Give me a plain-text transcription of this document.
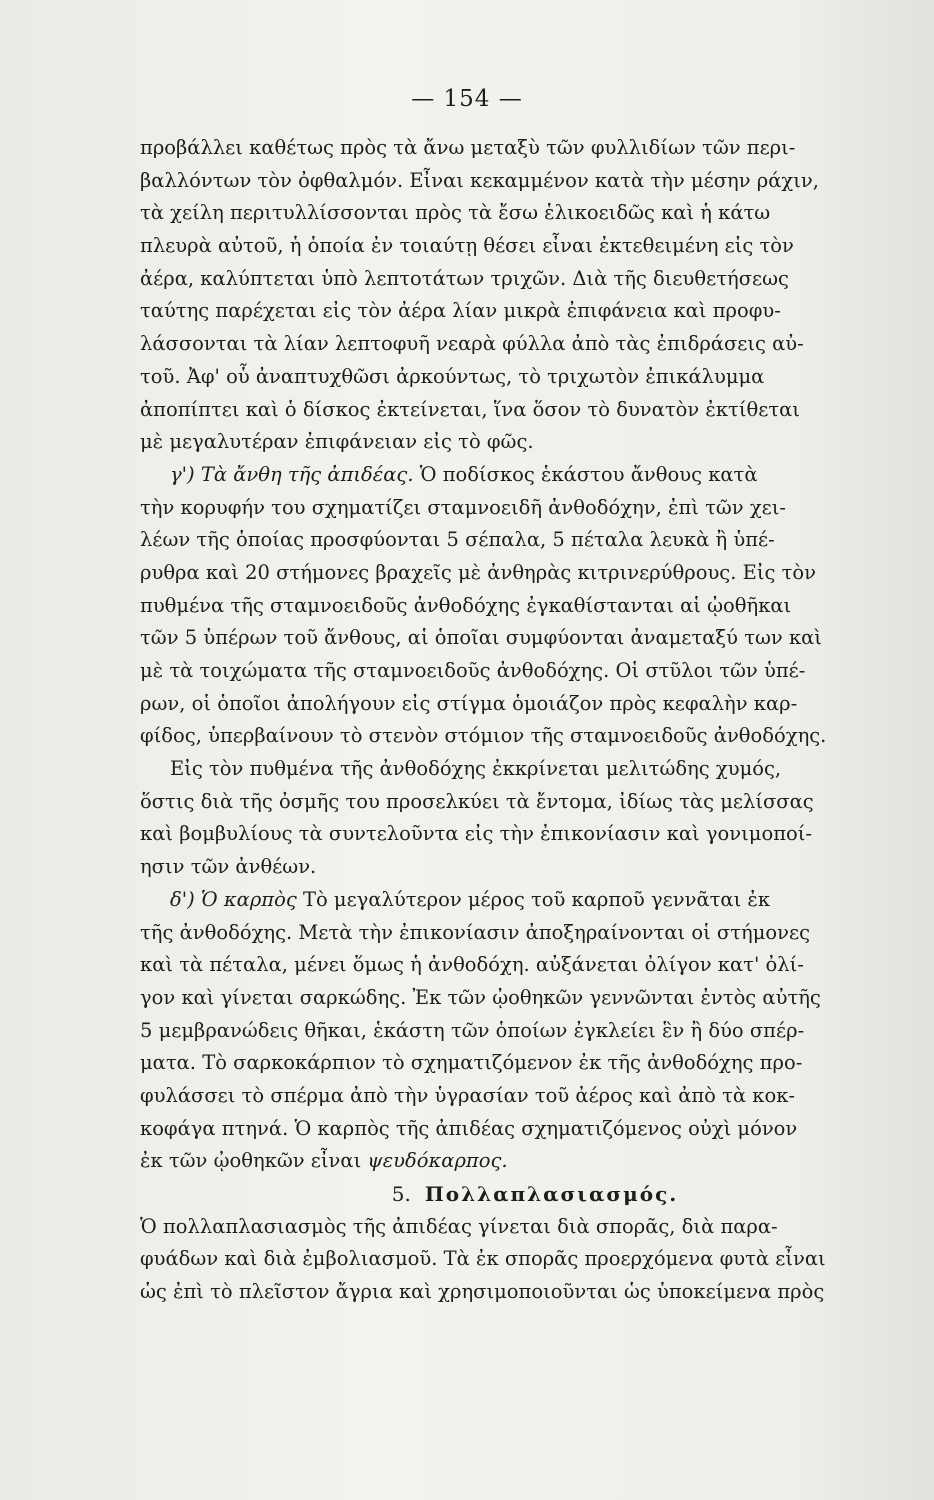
— 154 —
προβάλλει καθέτως πρὸς τὰ ἄνω μεταξὺ τῶν φυλλιδίων τῶν περι-
βαλλόντων τὸν ὀφθαλμόν. Εἶναι κεκαμμένον κατὰ τὴν μέσην ράχιν,
τὰ χείλη περιτυλλίσσονται πρὸς τὰ ἔσω ἑλικοειδῶς καὶ ἡ κάτω
πλευρὰ αὐτοῦ, ἡ ὁποία ἐν τοιαύτῃ θέσει εἶναι ἐκτεθειμένη εἰς τὸν
ἀέρα, καλύπτεται ὑπὸ λεπτοτάτων τριχῶν. Διὰ τῆς διευθετήσεως
ταύτης παρέχεται εἰς τὸν ἀέρα λίαν μικρὰ ἐπιφάνεια καὶ προφυ-
λάσσονται τὰ λίαν λεπτοφυῆ νεαρὰ φύλλα ἀπὸ τὰς ἐπιδράσεις αὐ-
τοῦ. Ἀφ' οὗ ἀναπτυχθῶσι ἀρκούντως, τὸ τριχωτὸν ἐπικάλυμμα
ἀποπίπτει καὶ ὁ δίσκος ἐκτείνεται, ἵνα ὅσον τὸ δυνατὸν ἐκτίθεται
μὲ μεγαλυτέραν ἐπιφάνειαν εἰς τὸ φῶς.
γ') Τὰ ἄνθη τῆς ἀπιδέας. Ὁ ποδίσκος ἑκάστου ἄνθους κατὰ
τὴν κορυφήν του σχηματίζει σταμνοειδῆ ἀνθοδόχην, ἐπὶ τῶν χει-
λέων τῆς ὁποίας προσφύονται 5 σέπαλα, 5 πέταλα λευκὰ ἢ ὑπέ-
ρυθρα καὶ 20 στήμονες βραχεῖς μὲ ἀνθηρὰς κιτρινερύθρους. Εἰς τὸν
πυθμένα τῆς σταμνοειδοῦς ἀνθοδόχης ἐγκαθίστανται αἱ ᾠοθῆκαι
τῶν 5 ὑπέρων τοῦ ἄνθους, αἱ ὁποῖαι συμφύονται ἀναμεταξύ των καὶ
μὲ τὰ τοιχώματα τῆς σταμνοειδοῦς ἀνθοδόχης. Οἱ στῦλοι τῶν ὑπέ-
ρων, οἱ ὁποῖοι ἀπολήγουν εἰς στίγμα ὁμοιάζον πρὸς κεφαλὴν καρ-
φίδος, ὑπερβαίνουν τὸ στενὸν στόμιον τῆς σταμνοειδοῦς ἀνθοδόχης.
Εἰς τὸν πυθμένα τῆς ἀνθοδόχης ἐκκρίνεται μελιτώδης χυμός,
ὅστις διὰ τῆς ὀσμῆς του προσελκύει τὰ ἔντομα, ἰδίως τὰς μελίσσας
καὶ βομβυλίους τὰ συντελοῦντα εἰς τὴν ἐπικονίασιν καὶ γονιμοποί-
ησιν τῶν ἀνθέων.
δ') Ὁ καρπὸς Τὸ μεγαλύτερον μέρος τοῦ καρποῦ γεννᾶται ἐκ
τῆς ἀνθοδόχης. Μετὰ τὴν ἐπικονίασιν ἀποξηραίνονται οἱ στήμονες
καὶ τὰ πέταλα, μένει ὅμως ἡ ἀνθοδόχη. αὐξάνεται ὀλίγον κατ' ὀλί-
γον καὶ γίνεται σαρκώδης. Ἐκ τῶν ᾠοθηκῶν γεννῶνται ἐντὸς αὐτῆς
5 μεμβρανώδεις θῆκαι, ἑκάστη τῶν ὁποίων ἐγκλείει ἓν ἢ δύο σπέρ-
ματα. Τὸ σαρκοκάρπιον τὸ σχηματιζόμενον ἐκ τῆς ἀνθοδόχης προ-
φυλάσσει τὸ σπέρμα ἀπὸ τὴν ὑγρασίαν τοῦ ἀέρος καὶ ἀπὸ τὰ κοκ-
κοφάγα πτηνά. Ὁ καρπὸς τῆς ἀπιδέας σχηματιζόμενος οὐχὶ μόνον
ἐκ τῶν ᾠοθηκῶν εἶναι ψευδόκαρπος.
5. Πολλαπλασιασμός.
Ὁ πολλαπλασιασμὸς τῆς ἀπιδέας γίνεται διὰ σπορᾶς, διὰ παρα-
φυάδων καὶ διὰ ἐμβολιασμοῦ. Τὰ ἐκ σπορᾶς προερχόμενα φυτὰ εἶναι
ὡς ἐπὶ τὸ πλεῖστον ἄγρια καὶ χρησιμοποιοῦνται ὡς ὑποκείμενα πρὸς
